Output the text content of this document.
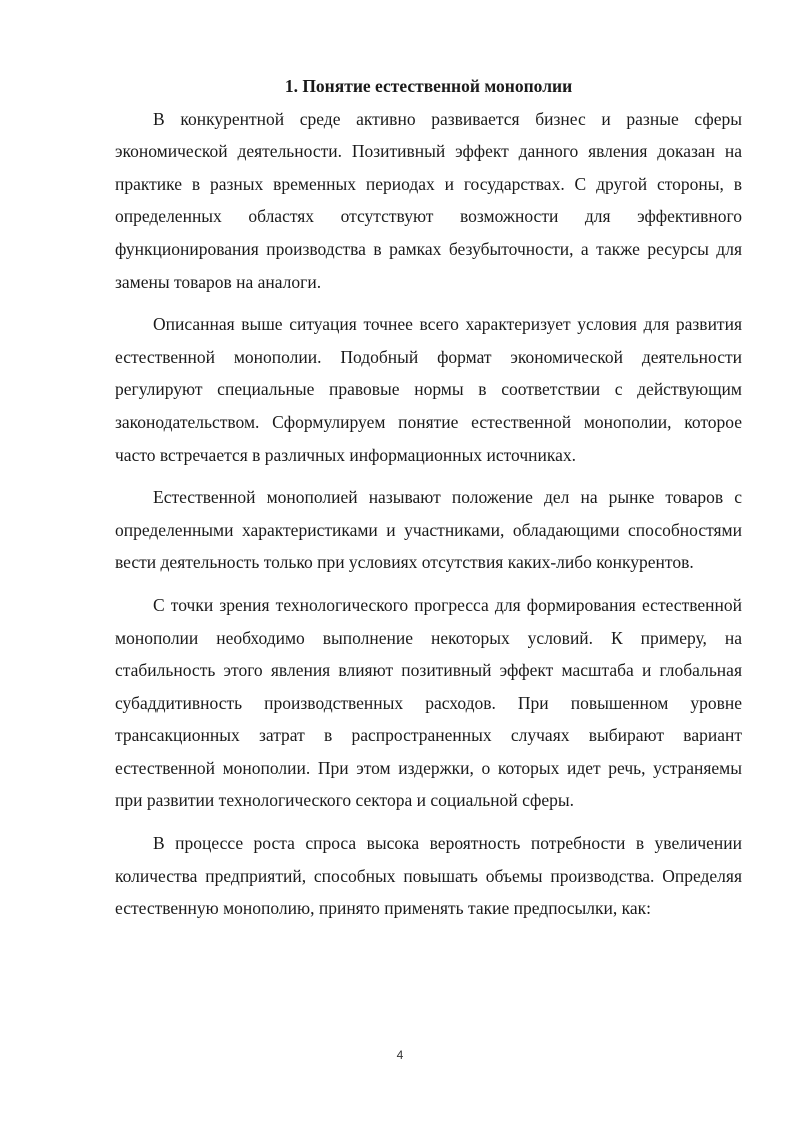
1. Понятие естественной монополии

В конкурентной среде активно развивается бизнес и разные сферы экономической деятельности. Позитивный эффект данного явления доказан на практике в разных временных периодах и государствах. С другой стороны, в определенных областях отсутствуют возможности для эффективного функционирования производства в рамках безубыточности, а также ресурсы для замены товаров на аналоги.

Описанная выше ситуация точнее всего характеризует условия для развития естественной монополии. Подобный формат экономической деятельности регулируют специальные правовые нормы в соответствии с действующим законодательством. Сформулируем понятие естественной монополии, которое часто встречается в различных информационных источниках.

Естественной монополией называют положение дел на рынке товаров с определенными характеристиками и участниками, обладающими способностями вести деятельность только при условиях отсутствия каких-либо конкурентов.

С точки зрения технологического прогресса для формирования естественной монополии необходимо выполнение некоторых условий. К примеру, на стабильность этого явления влияют позитивный эффект масштаба и глобальная субаддитивность производственных расходов. При повышенном уровне трансакционных затрат в распространенных случаях выбирают вариант естественной монополии. При этом издержки, о которых идет речь, устраняемы при развитии технологического сектора и социальной сферы.

В процессе роста спроса высока вероятность потребности в увеличении количества предприятий, способных повышать объемы производства. Определяя естественную монополию, принято применять такие предпосылки, как:

4
